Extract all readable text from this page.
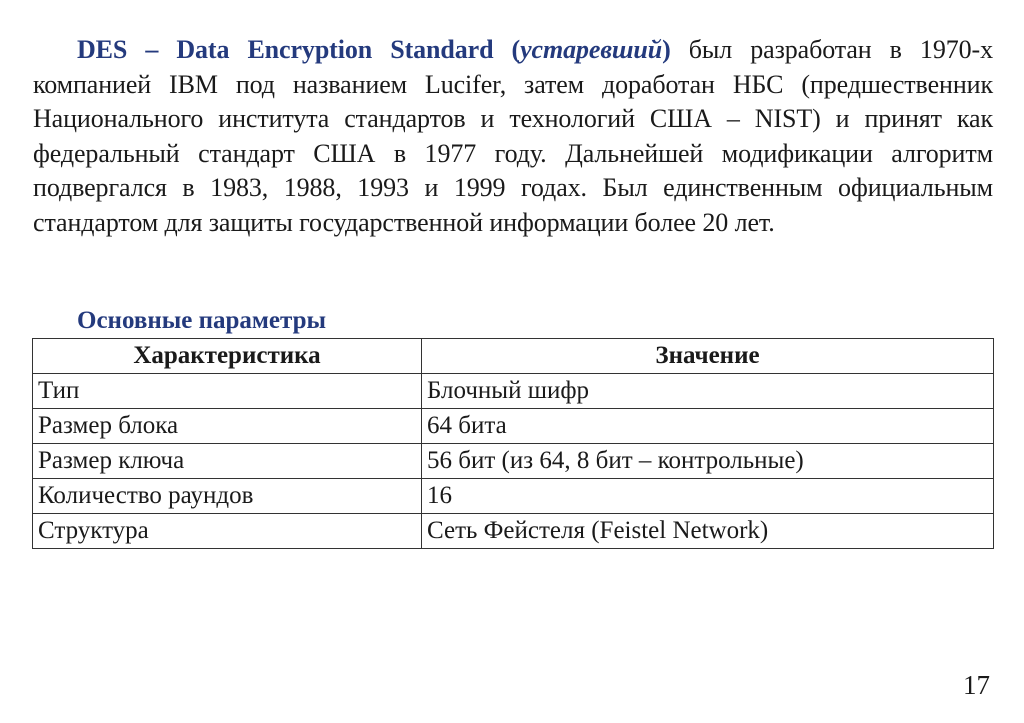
DES – Data Encryption Standard (устаревший) был разработан в 1970-х компанией IBM под названием Lucifer, затем доработан НБС (предшественник Национального института стандартов и технологий США – NIST) и принят как федеральный стандарт США в 1977 году. Дальнейшей модификации алгоритм подвергался в 1983, 1988, 1993 и 1999 годах. Был единственным официальным стандартом для защиты государственной информации более 20 лет.

Основные параметры
Характеристика	Значение
Тип	Блочный шифр
Размер блока	64 бита
Размер ключа	56 бит (из 64, 8 бит – контрольные)
Количество раундов	16
Структура	Сеть Фейстеля (Feistel Network)
17
